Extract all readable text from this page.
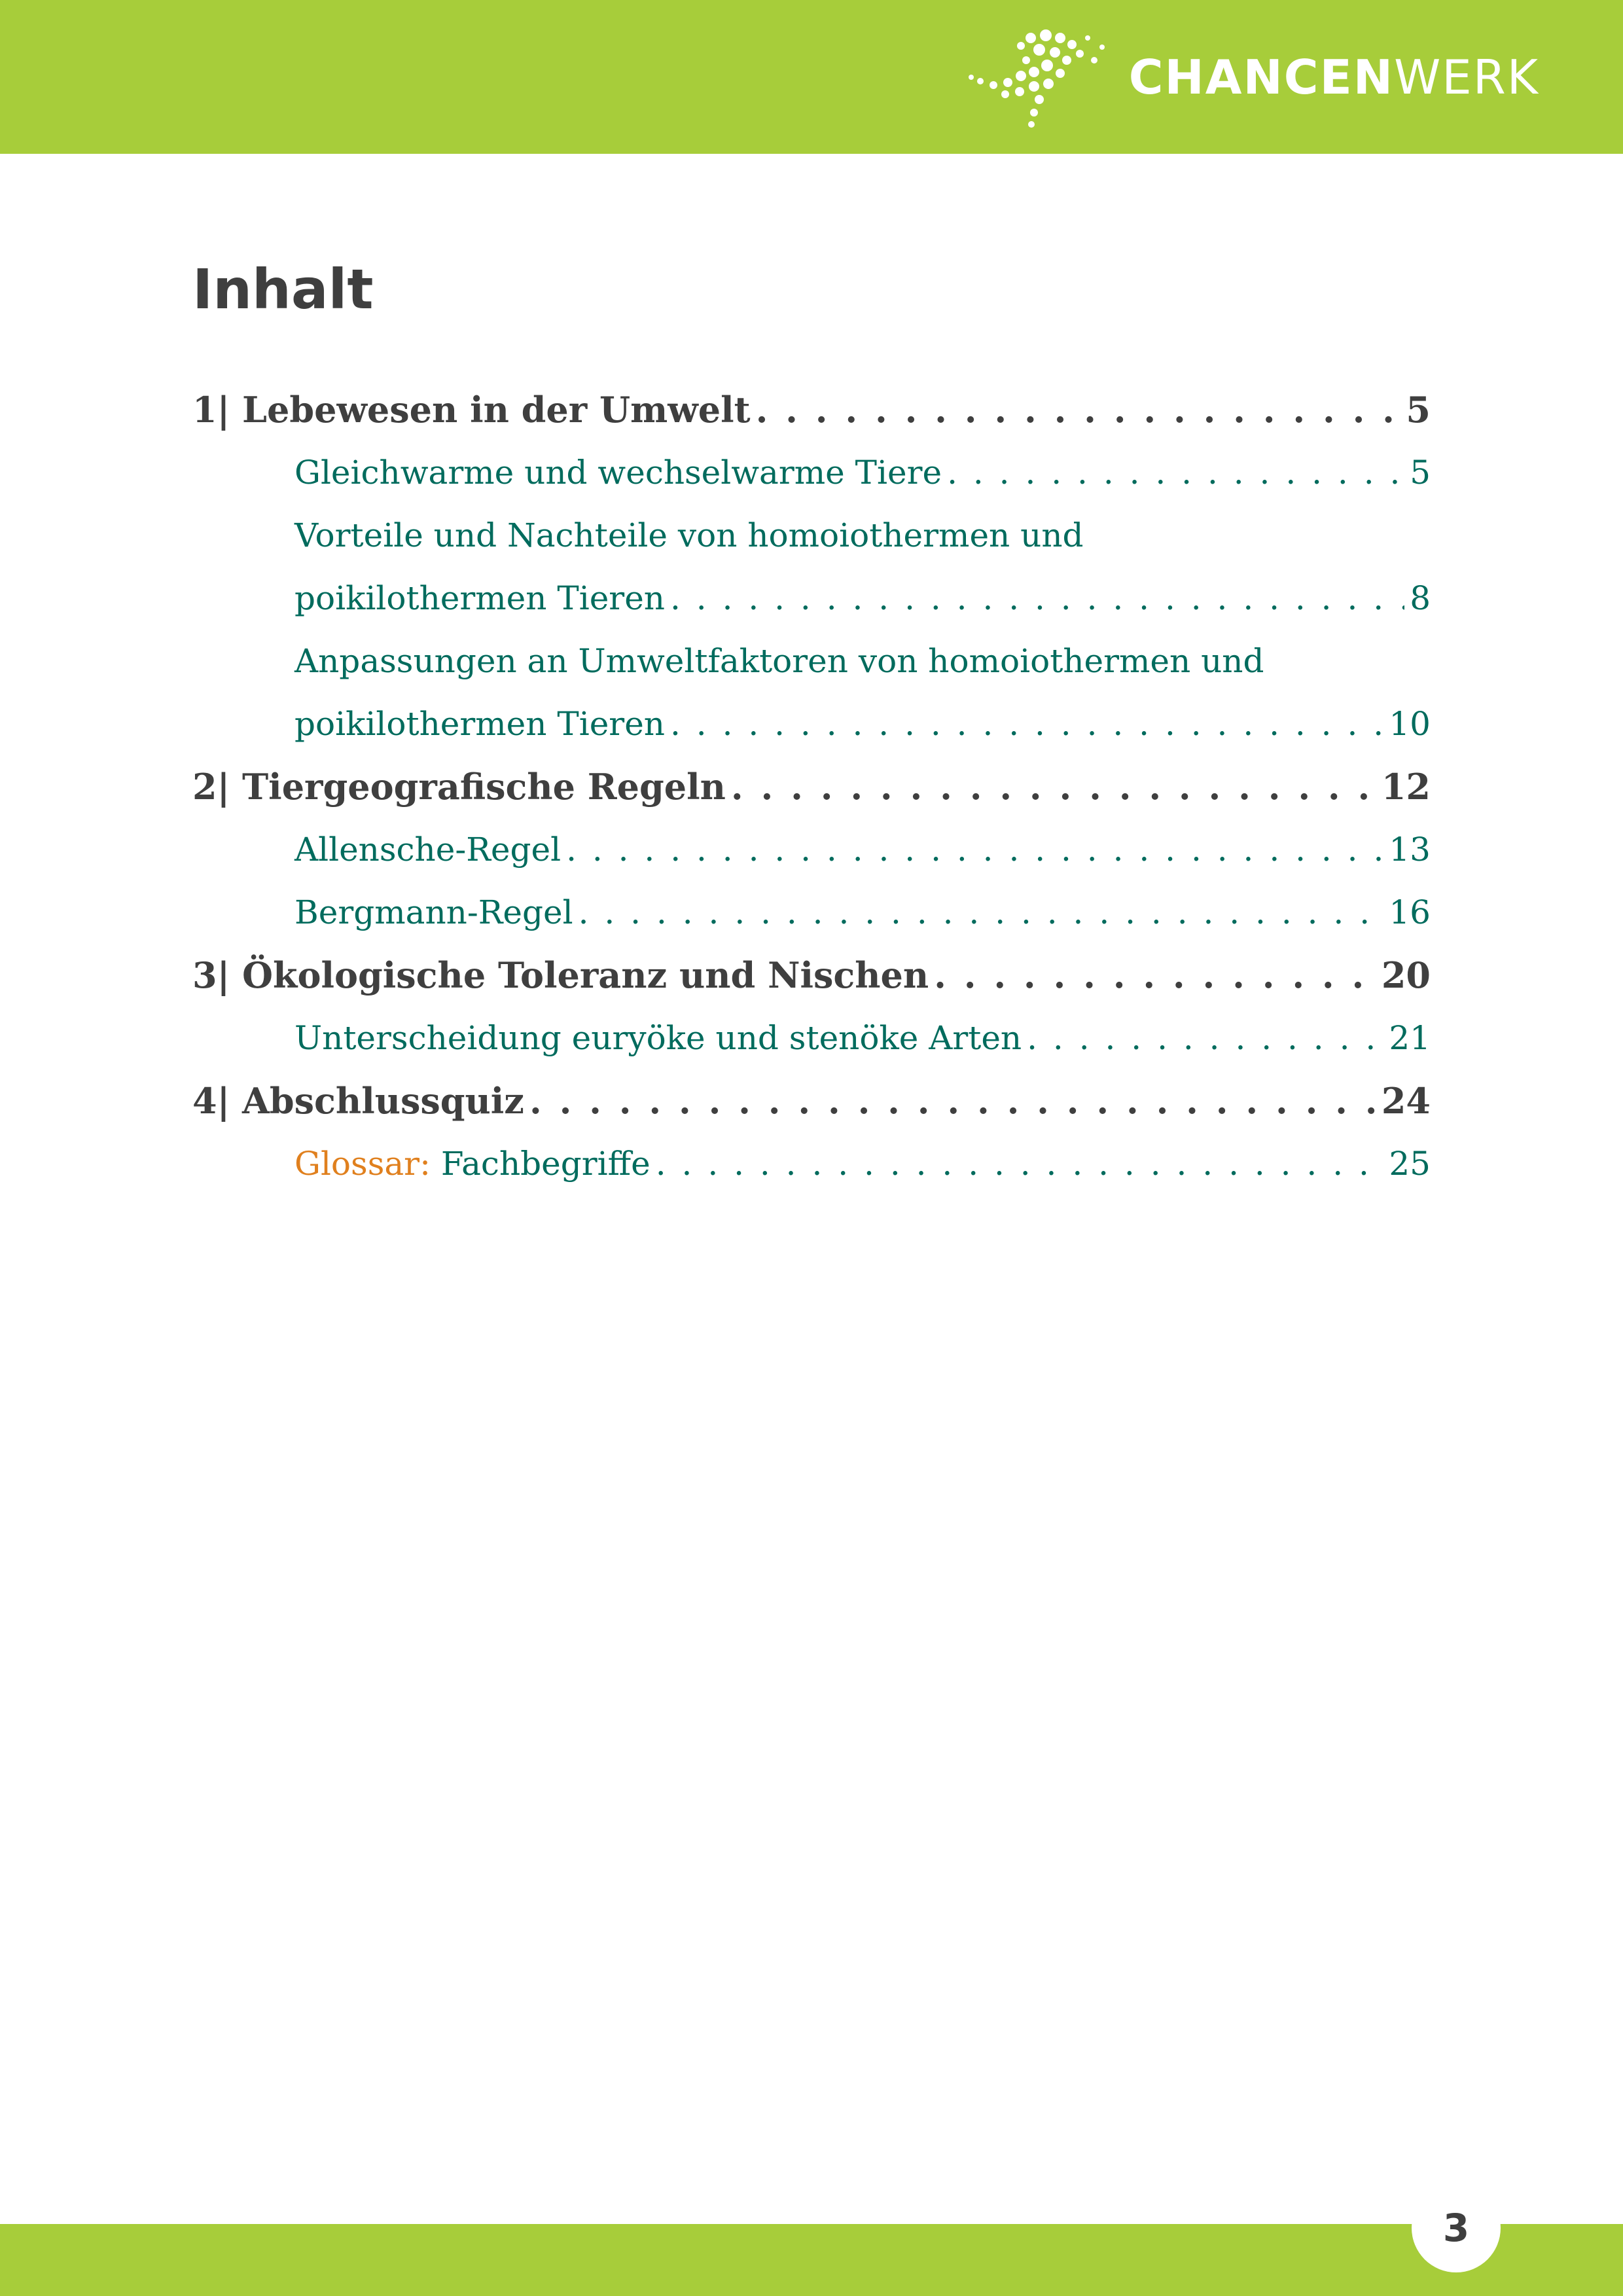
CHANCENWERK
Inhalt
1| Lebewesen in der Umwelt . . .	5
Gleichwarme und wechselwarme Tiere . . .	5
Vorteile und Nachteile von homoiothermen und
poikilothermen Tieren . . .	8
Anpassungen an Umweltfaktoren von homoiothermen und
poikilothermen Tieren . . .	10
2| Tiergeografische Regeln . . .	12
Allensche-Regel . . .	13
Bergmann-Regel . . .	16
3| Ökologische Toleranz und Nischen . . .	20
Unterscheidung euryöke und stenöke Arten . . .	21
4| Abschlussquiz . . .	24
Glossar: Fachbegriffe . . .	25
3
